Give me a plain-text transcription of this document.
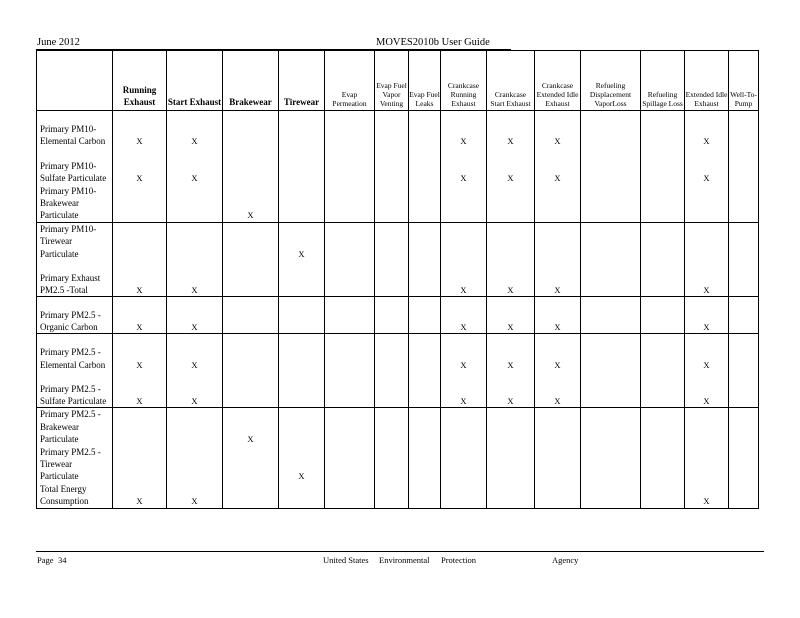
June 2012	MOVES2010b User Guide
	Running Exhaust	Start Exhaust	Brakewear	Tirewear	Evap Permeation	Evap Fuel Vapor Venting	Evap Fuel Leaks	Crankcase Running Exhaust	Crankcase Start Exhaust	Crankcase Extended Idle Exhaust	Refueling Displacement VaporLoss	Refueling Spillage Loss	Extended Idle Exhaust	Well-To-Pump
Primary PM10-Elemental Carbon	X	X						X	X	X			X	
Primary PM10-Sulfate Particulate	X	X						X	X	X			X	
Primary PM10-Brakewear Particulate			X											
Primary PM10-Tirewear Particulate				X										
Primary Exhaust PM2.5 -Total	X	X						X	X	X			X	
Primary PM2.5 -Organic Carbon	X	X						X	X	X			X	
Primary PM2.5 -Elemental Carbon	X	X						X	X	X			X	
Primary PM2.5 -Sulfate Particulate	X	X						X	X	X			X	
Primary PM2.5 -Brakewear Particulate			X											
Primary PM2.5 -Tirewear Particulate				X										
Total Energy Consumption	X	X											X	
Page 34	United States Environmental Protection	Agency
